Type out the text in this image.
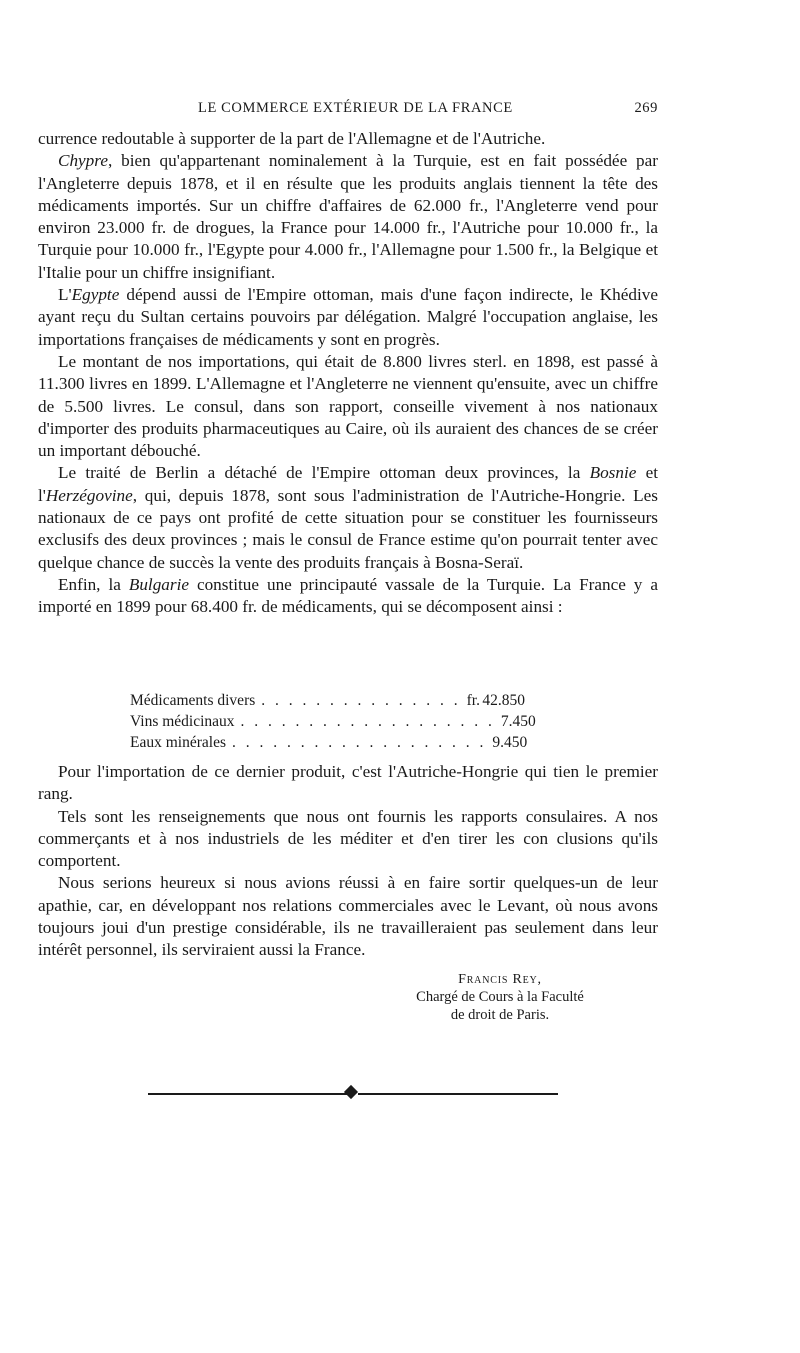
LE COMMERCE EXTÉRIEUR DE LA FRANCE	269

currence redoutable à supporter de la part de l'Allemagne et de l'Autriche.

Chypre, bien qu'appartenant nominalement à la Turquie, est en fait possédée par l'Angleterre depuis 1878, et il en résulte que les produits anglais tiennent la tête des médicaments importés. Sur un chiffre d'affaires de 62.000 fr., l'Angleterre vend pour environ 23.000 fr. de drogues, la France pour 14.000 fr., l'Autriche pour 10.000 fr., la Turquie pour 10.000 fr., l'Egypte pour 4.000 fr., l'Allemagne pour 1.500 fr., la Belgique et l'Italie pour un chiffre insignifiant.

L'Egypte dépend aussi de l'Empire ottoman, mais d'une façon indirecte, le Khédive ayant reçu du Sultan certains pouvoirs par délégation. Malgré l'occupation anglaise, les importations françaises de médicaments y sont en progrès.

Le montant de nos importations, qui était de 8.800 livres sterl. en 1898, est passé à 11.300 livres en 1899. L'Allemagne et l'Angleterre ne viennent qu'ensuite, avec un chiffre de 5.500 livres. Le consul, dans son rapport, conseille vivement à nos nationaux d'importer des produits pharmaceutiques au Caire, où ils auraient des chances de se créer un important débouché.

Le traité de Berlin a détaché de l'Empire ottoman deux provinces, la Bosnie et l'Herzégovine, qui, depuis 1878, sont sous l'administration de l'Autriche-Hongrie. Les nationaux de ce pays ont profité de cette situation pour se constituer les fournisseurs exclusifs des deux provinces ; mais le consul de France estime qu'on pourrait tenter avec quelque chance de succès la vente des produits français à Bosna-Seraï.

Enfin, la Bulgarie constitue une principauté vassale de la Turquie. La France y a importé en 1899 pour 68.400 fr. de médicaments, qui se décomposent ainsi :

Médicaments divers . . . . . . . . . . . . . . . fr. 42.850
Vins médicinaux . . . . . . . . . . . . . . . . . . . 7.450
Eaux minérales . . . . . . . . . . . . . . . . . . . 9.450

Pour l'importation de ce dernier produit, c'est l'Autriche-Hongrie qui tien le premier rang.

Tels sont les renseignements que nous ont fournis les rapports consulaires. A nos commerçants et à nos industriels de les méditer et d'en tirer les con clusions qu'ils comportent.

Nous serions heureux si nous avions réussi à en faire sortir quelques-un de leur apathie, car, en développant nos relations commerciales avec le Levant, où nous avons toujours joui d'un prestige considérable, ils ne travailleraient pas seulement dans leur intérêt personnel, ils serviraient aussi la France.

Francis Rey,
Chargé de Cours à la Faculté
de droit de Paris.
